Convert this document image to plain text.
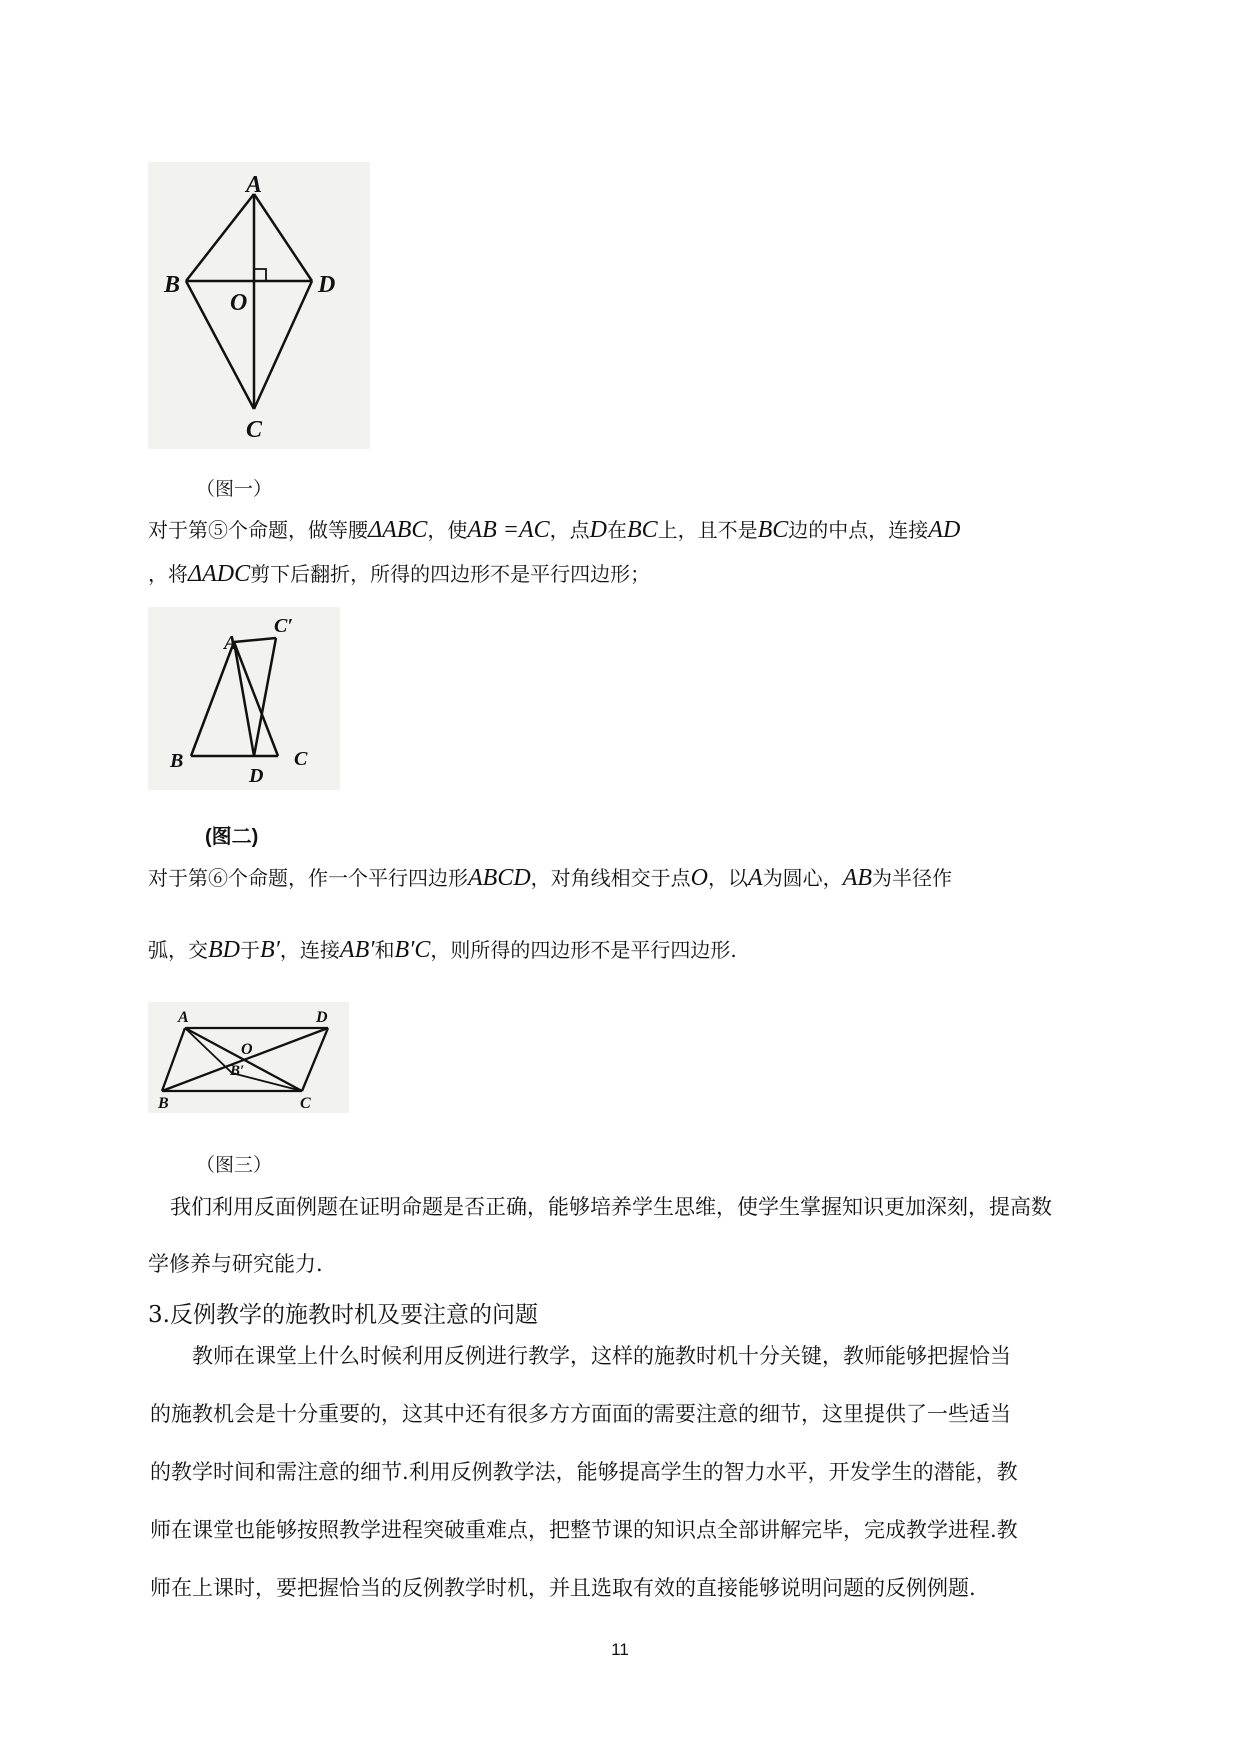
A
B	D
O
C
（图一）
对于第⑤个命题，做等腰ΔABC，使AB =AC，点D在BC上，且不是BC边的中点，连接AD
，将ΔADC剪下后翻折，所得的四边形不是平行四边形；
A
C′
B
D
C
(图二)
对于第⑥个命题，作一个平行四边形ABCD，对角线相交于点O，以A为圆心，AB为半径作
弧，交BD于B′，连接AB′和B′C，则所得的四边形不是平行四边形.
A	D
O
B′
B	C
（图三）
我们利用反面例题在证明命题是否正确，能够培养学生思维，使学生掌握知识更加深刻，提高数
学修养与研究能力.
3.反例教学的施教时机及要注意的问题
教师在课堂上什么时候利用反例进行教学，这样的施教时机十分关键，教师能够把握恰当
的施教机会是十分重要的，这其中还有很多方方面面的需要注意的细节，这里提供了一些适当
的教学时间和需注意的细节.利用反例教学法，能够提高学生的智力水平，开发学生的潜能，教
师在课堂也能够按照教学进程突破重难点，把整节课的知识点全部讲解完毕，完成教学进程.教
师在上课时，要把握恰当的反例教学时机，并且选取有效的直接能够说明问题的反例例题.
11
